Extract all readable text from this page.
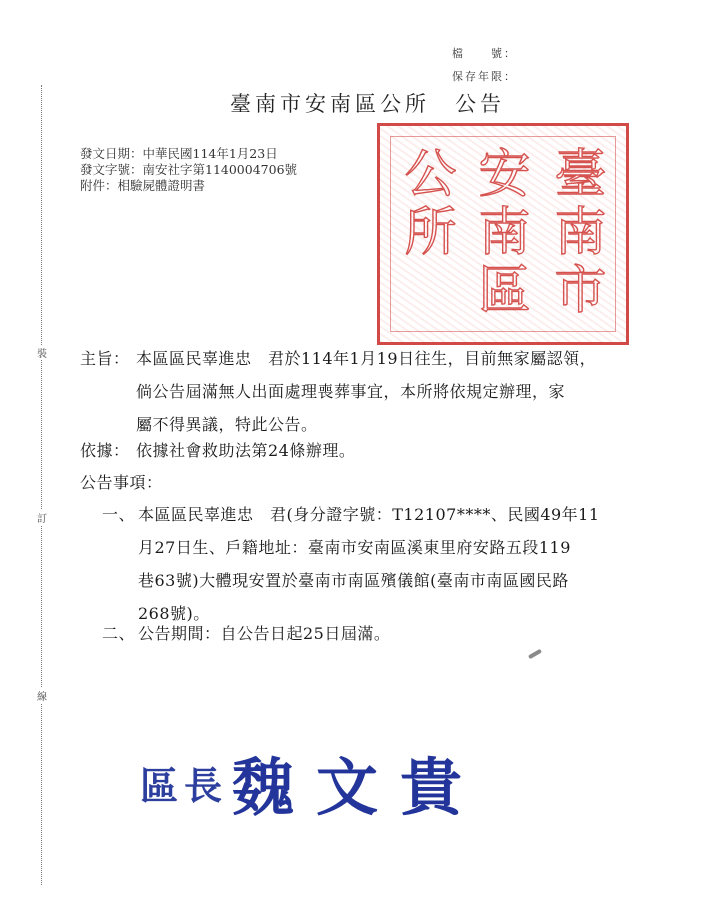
檔　　號：
保存年限：
臺南市安南區公所　公告
裝
訂
線
發文日期：中華民國114年1月23日
發文字號：南安社字第1140004706號
附件：相驗屍體證明書	臺南市
安南區
公所
主旨： 本區區民辜進忠　君於114年1月19日往生，目前無家屬認領，
倘公告屆滿無人出面處理喪葬事宜，本所將依規定辦理，家
屬不得異議，特此公告。
依據： 依據社會救助法第24條辦理。
公告事項：
一、 本區區民辜進忠　君(身分證字號：T12107****、民國49年11
月27日生、戶籍地址：臺南市安南區溪東里府安路五段119
巷63號)大體現安置於臺南市南區殯儀館(臺南市南區國民路
268號)。
二、 公告期間：自公告日起25日屆滿。
區長 魏文貴
